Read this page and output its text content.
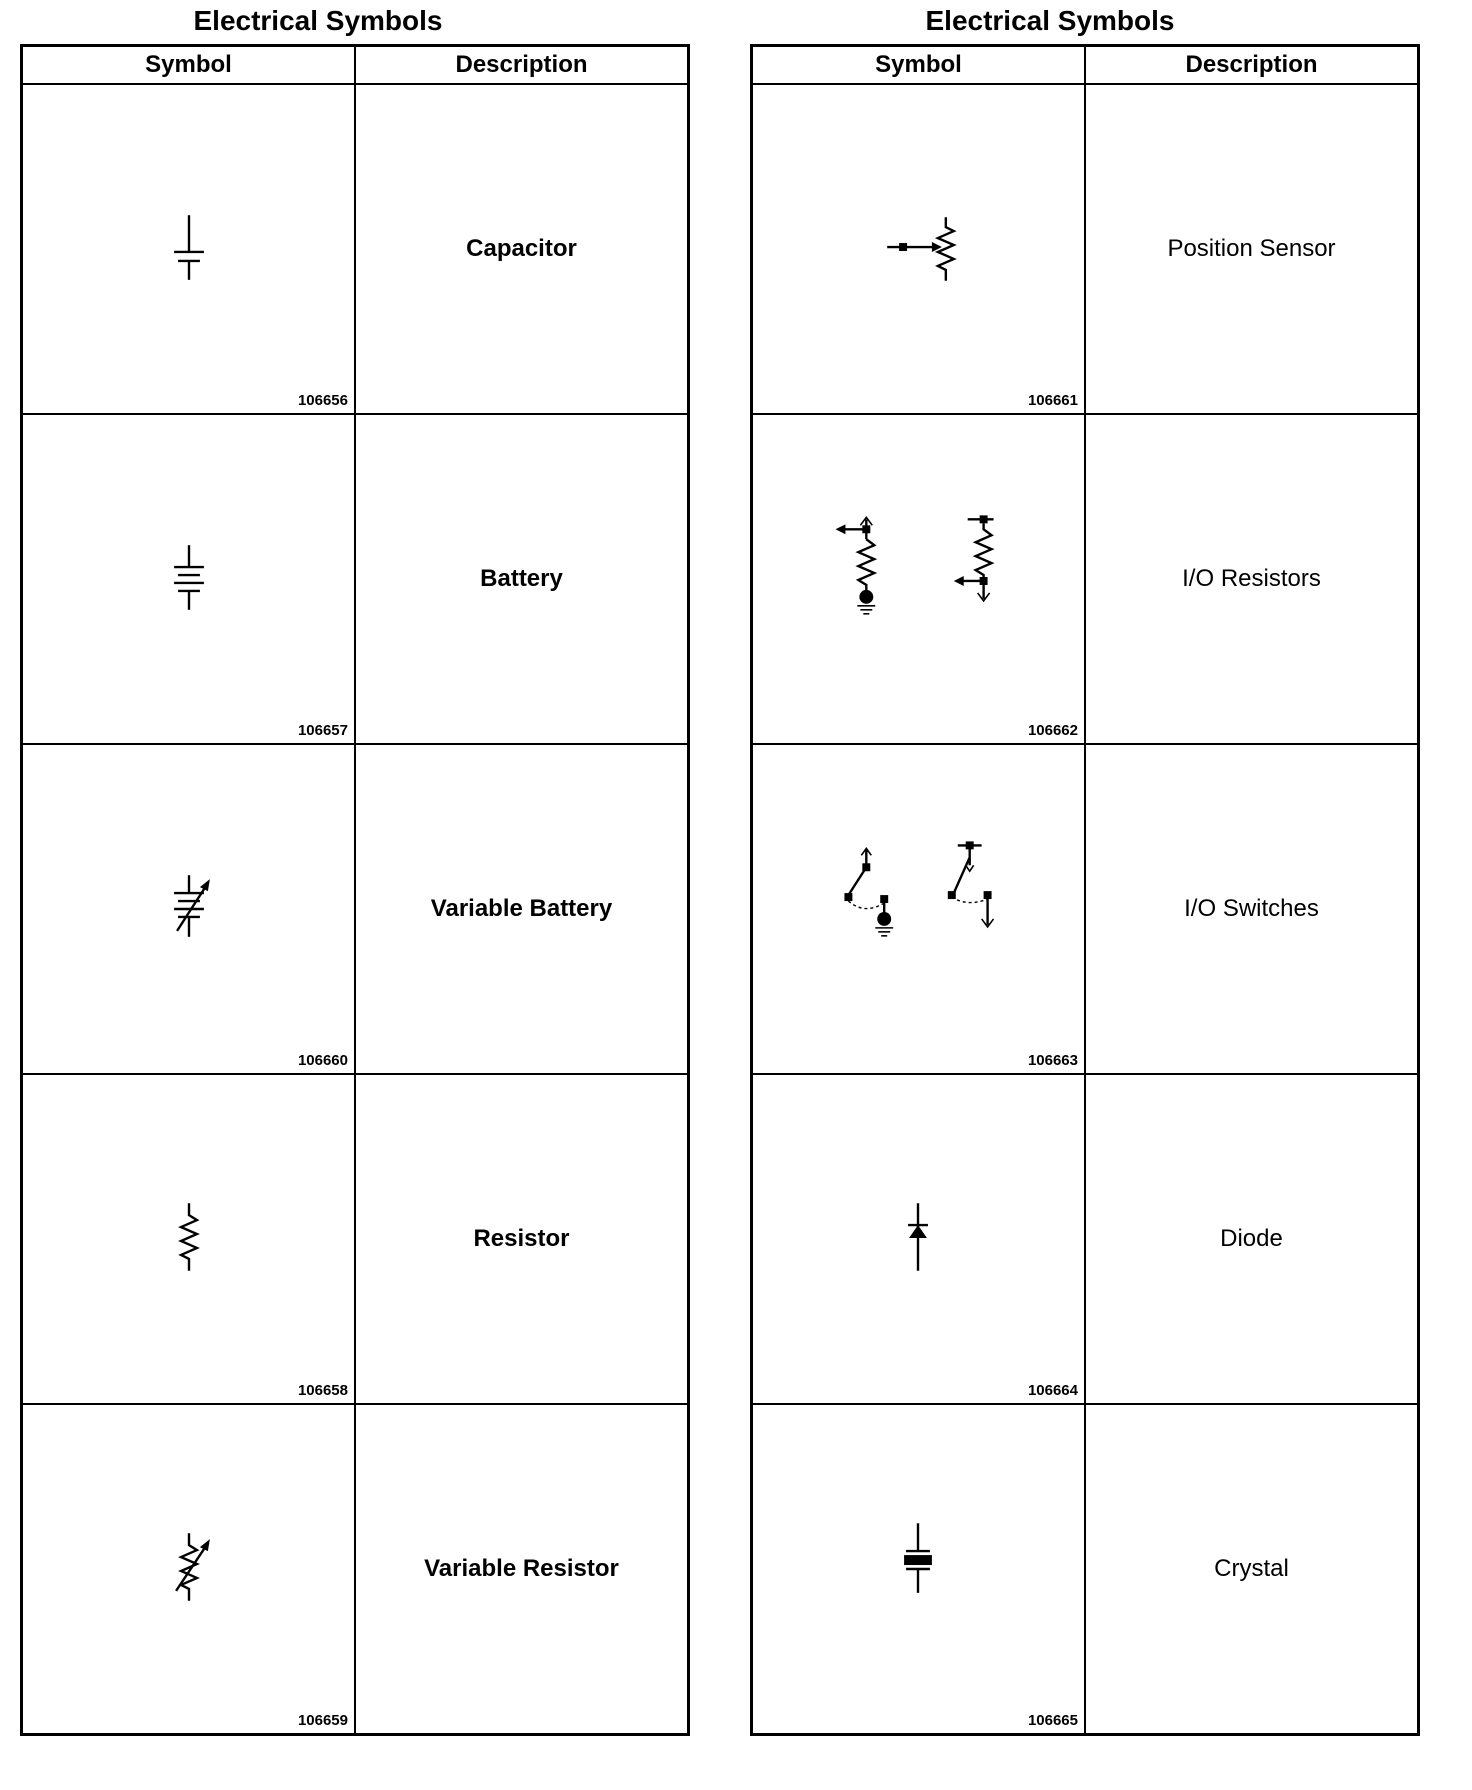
Electrical Symbols	Electrical Symbols
Symbol	Description

106656	Capacitor

106657	Battery

106660	Variable Battery

106658	Resistor

106659	Variable Resistor
Symbol	Description

106661	Position Sensor

106662	I/O Resistors

106663	I/O Switches

106664	Diode

106665	Crystal
